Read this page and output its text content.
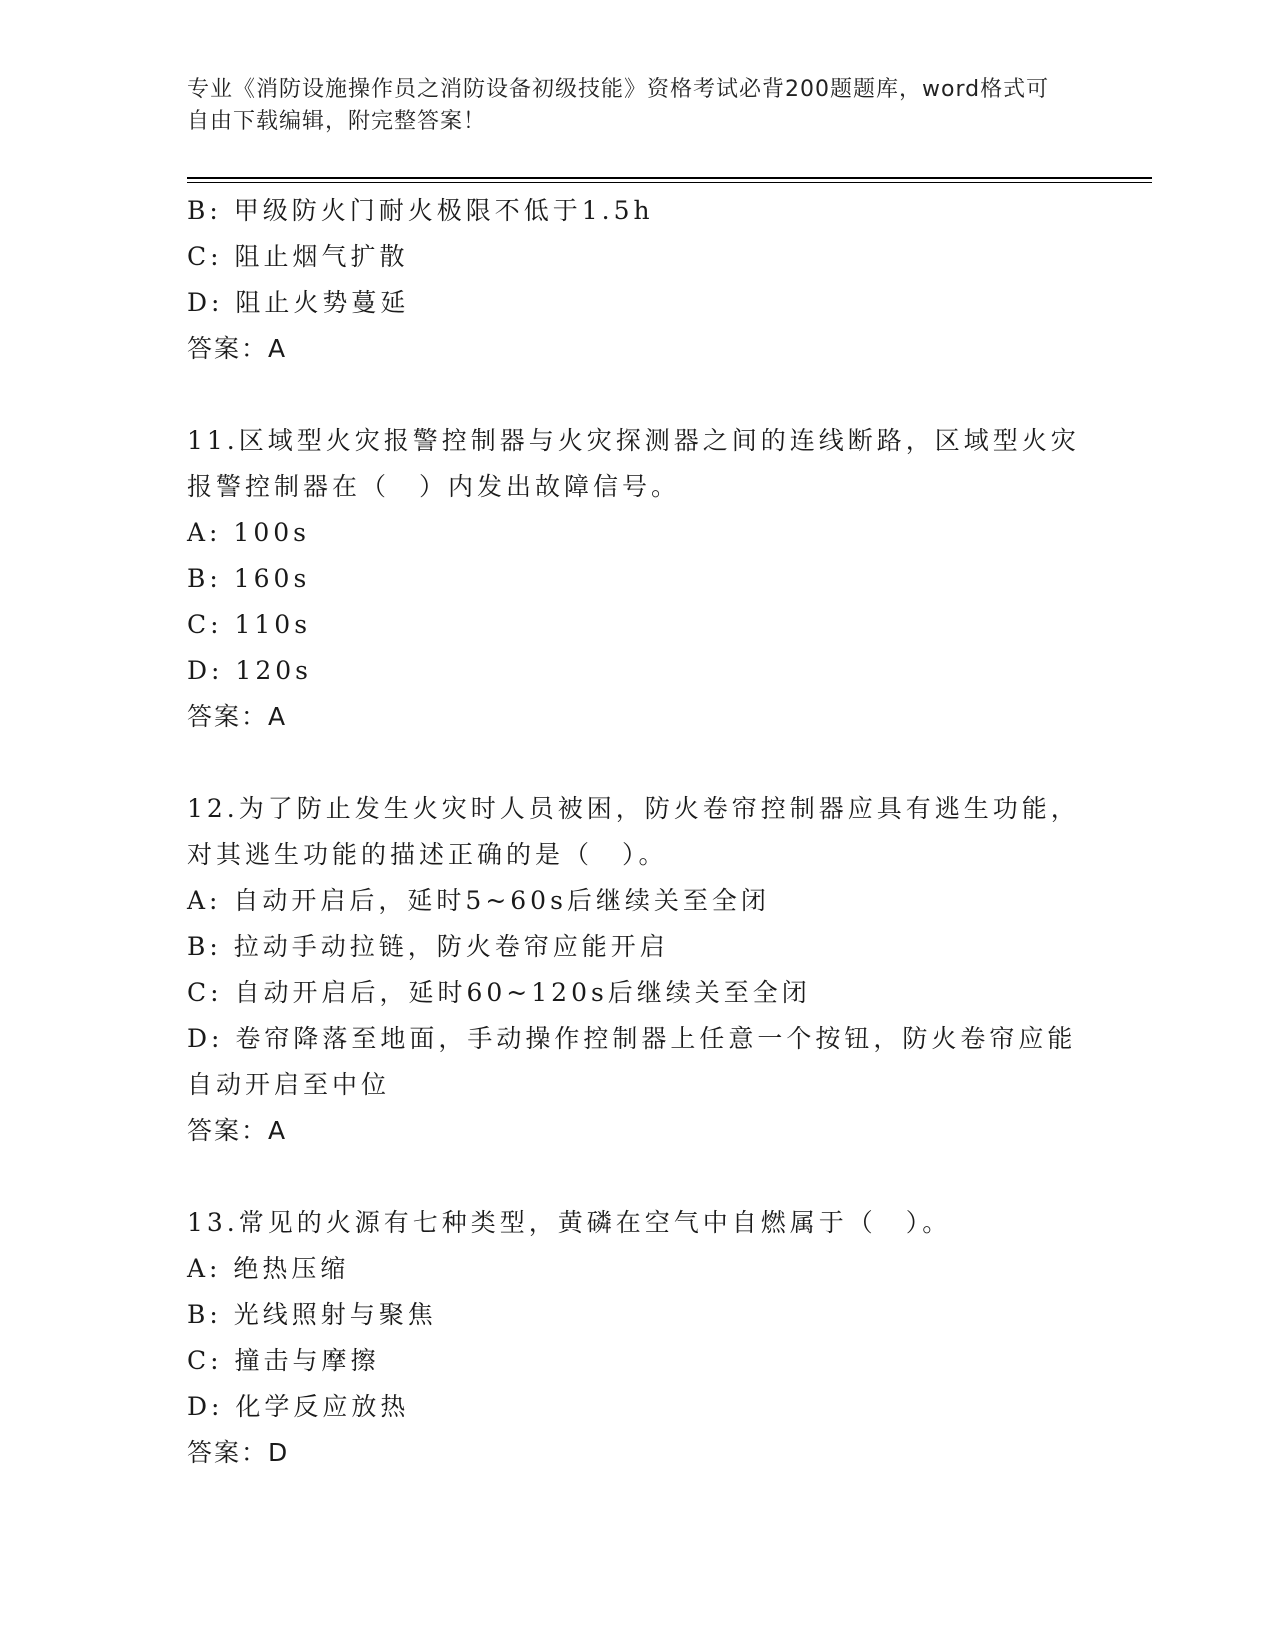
专业《消防设施操作员之消防设备初级技能》资格考试必背200题题库，word格式可自由下载编辑，附完整答案！
B: 甲级防火门耐火极限不低于1.5h
C: 阻止烟气扩散
D: 阻止火势蔓延
答案：A
11.区域型火灾报警控制器与火灾探测器之间的连线断路，区域型火灾
报警控制器在（　）内发出故障信号。
A: 100s
B: 160s
C: 110s
D: 120s
答案：A
12.为了防止发生火灾时人员被困，防火卷帘控制器应具有逃生功能，
对其逃生功能的描述正确的是（　）。
A: 自动开启后，延时5~60s后继续关至全闭
B: 拉动手动拉链，防火卷帘应能开启
C: 自动开启后，延时60~120s后继续关至全闭
D: 卷帘降落至地面，手动操作控制器上任意一个按钮，防火卷帘应能
自动开启至中位
答案：A
13.常见的火源有七种类型，黄磷在空气中自燃属于（　）。
A: 绝热压缩
B: 光线照射与聚焦
C: 撞击与摩擦
D: 化学反应放热
答案：D
